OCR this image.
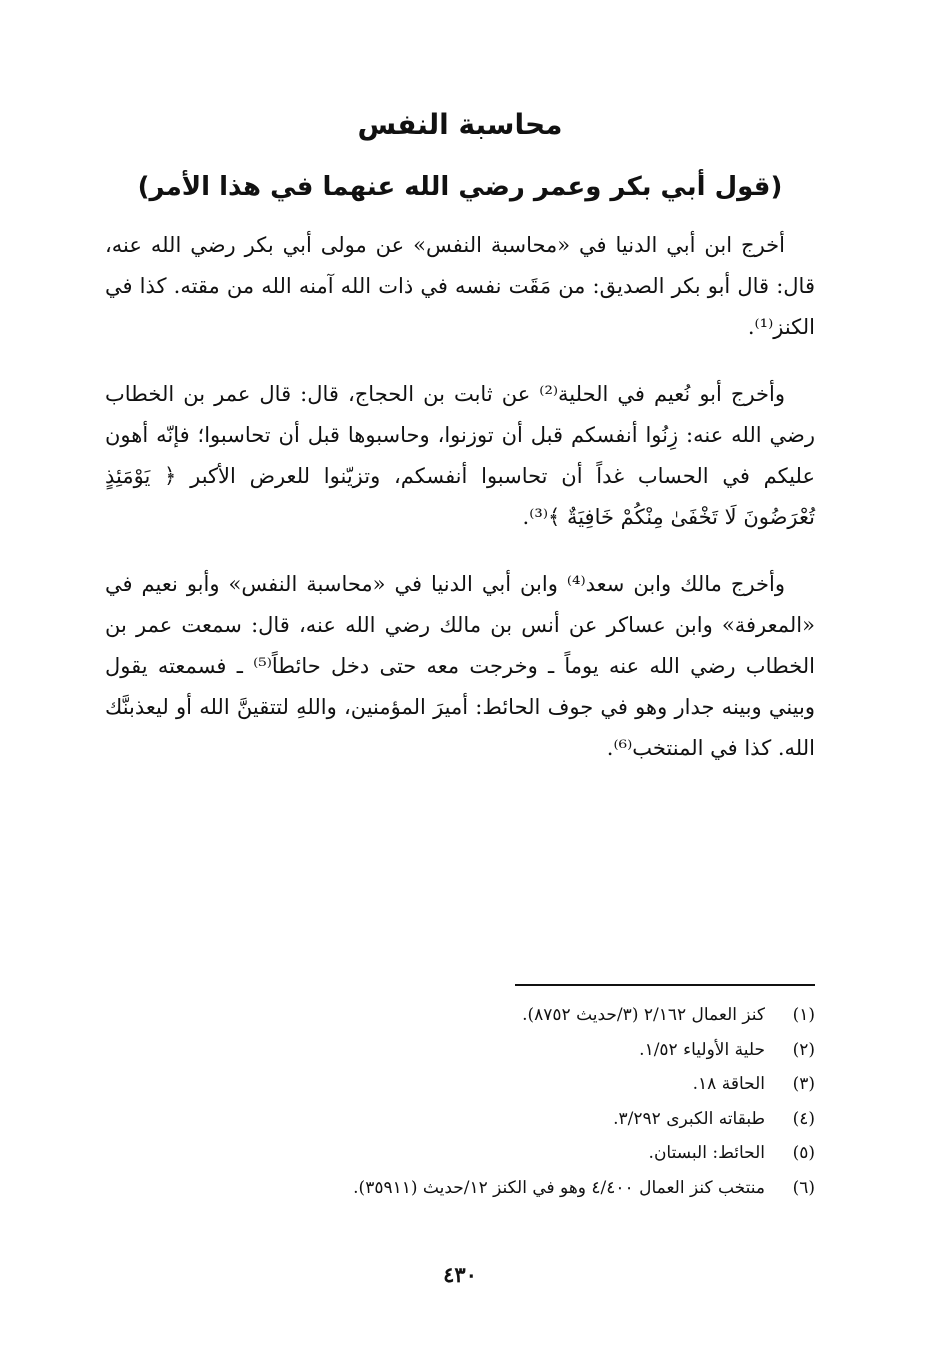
محاسبة النفس
(قول أبي بكر وعمر رضي الله عنهما في هذا الأمر)

أخرج ابن أبي الدنيا في «محاسبة النفس» عن مولى أبي بكر رضي الله عنه، قال: قال أبو بكر الصديق: من مَقَت نفسه في ذات الله آمنه الله من مقته. كذا في الكنز⁽¹⁾.

وأخرج أبو نُعيم في الحلية⁽²⁾ عن ثابت بن الحجاج، قال: قال عمر بن الخطاب رضي الله عنه: زِنُوا أنفسكم قبل أن توزنوا، وحاسبوها قبل أن تحاسبوا؛ فإنّه أهون عليكم في الحساب غداً أن تحاسبوا أنفسكم، وتزيّنوا للعرض الأكبر ﴿ يَوْمَئِذٍ تُعْرَضُونَ لَا تَخْفَىٰ مِنْكُمْ خَافِيَةٌ ﴾⁽³⁾.

وأخرج مالك وابن سعد⁽⁴⁾ وابن أبي الدنيا في «محاسبة النفس» وأبو نعيم في «المعرفة» وابن عساكر عن أنس بن مالك رضي الله عنه، قال: سمعت عمر بن الخطاب رضي الله عنه يوماً ـ وخرجت معه حتى دخل حائطاً⁽⁵⁾ ـ فسمعته يقول وبيني وبينه جدار وهو في جوف الحائط: أميرَ المؤمنين، واللهِ لتتقينَّ الله أو ليعذبنَّك الله. كذا في المنتخب⁽⁶⁾.

(١)
كنز العمال ٢/١٦٢ (٣/حديث ٨٧٥٢).
(٢)
حلية الأولياء ١/٥٢.
(٣)
الحاقة ١٨.
(٤)
طبقاته الكبرى ٣/٢٩٢.
(٥)
الحائط: البستان.
(٦)
منتخب كنز العمال ٤/٤٠٠ وهو في الكنز ١٢/حديث (٣٥٩١١).

٤٣٠
